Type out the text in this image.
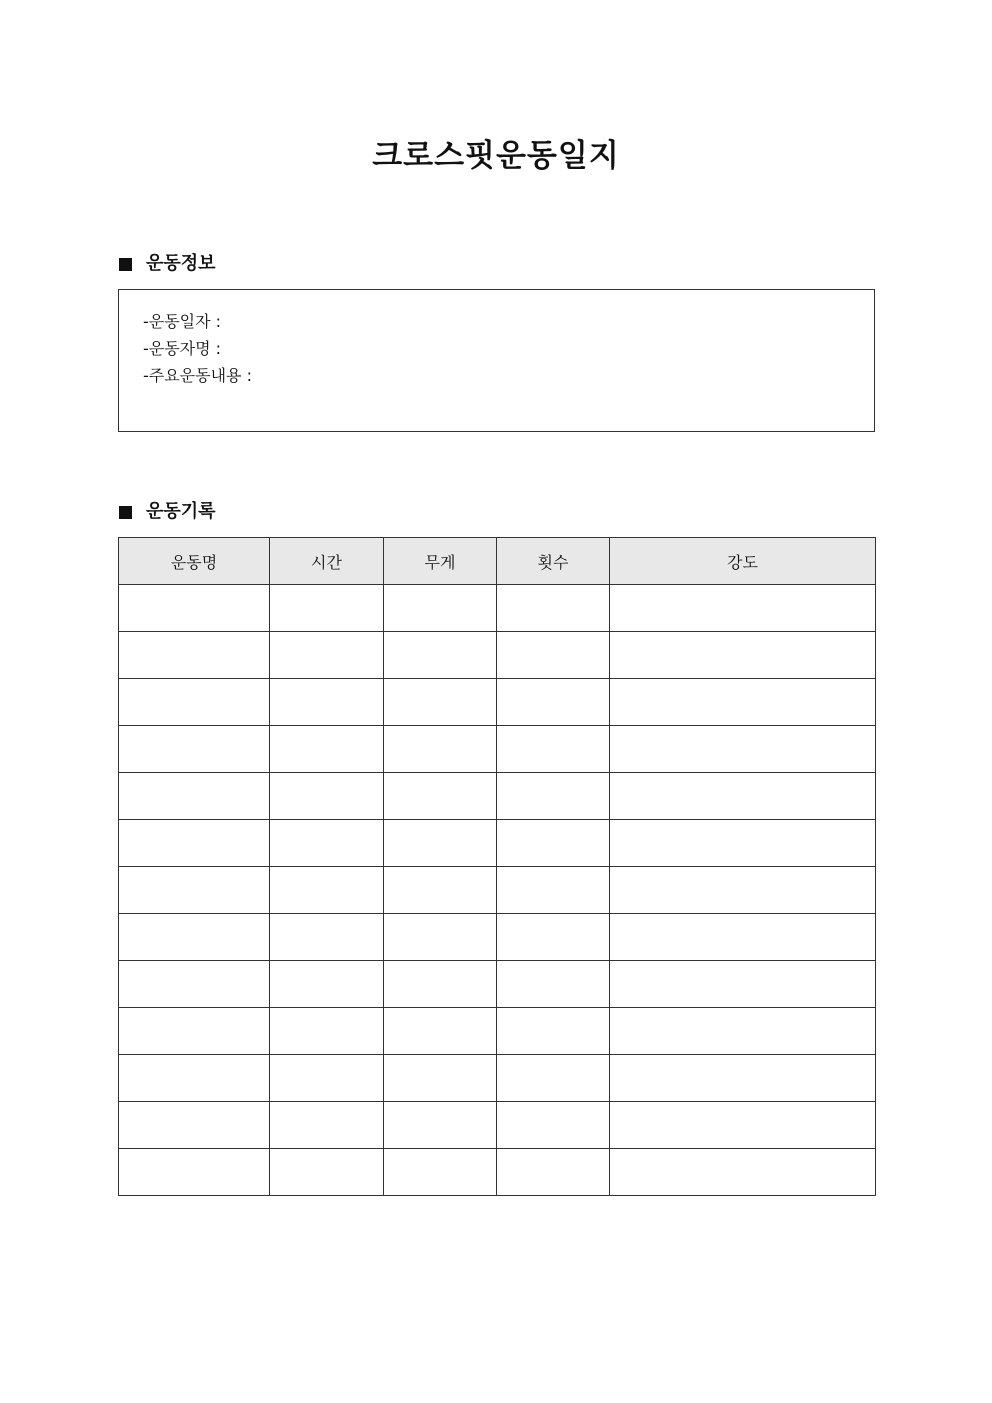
크로스핏운동일지
운동정보
-운동일자 :
-운동자명 :
-주요운동내용 :
운동기록
운동명	시간	무게	횟수	강도
